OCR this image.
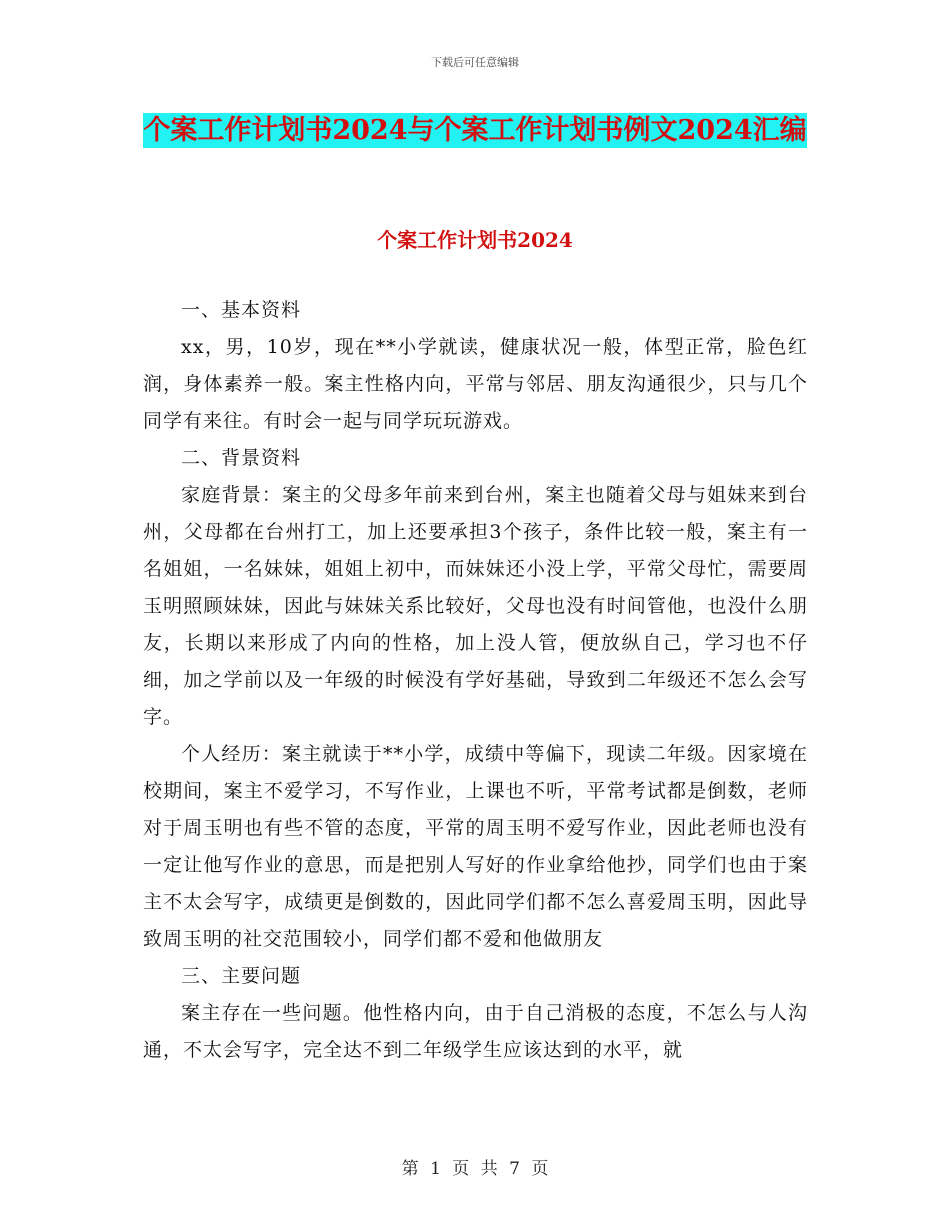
下载后可任意编辑
个案工作计划书2024与个案工作计划书例文2024汇编
个案工作计划书2024

一、基本资料

xx，男，10岁，现在**小学就读，健康状况一般，体型正常，脸色红润，身体素养一般。案主性格内向，平常与邻居、朋友沟通很少，只与几个同学有来往。有时会一起与同学玩玩游戏。

二、背景资料

家庭背景：案主的父母多年前来到台州，案主也随着父母与姐妹来到台州，父母都在台州打工，加上还要承担3个孩子，条件比较一般，案主有一名姐姐，一名妹妹，姐姐上初中，而妹妹还小没上学，平常父母忙，需要周玉明照顾妹妹，因此与妹妹关系比较好，父母也没有时间管他，也没什么朋友，长期以来形成了内向的性格，加上没人管，便放纵自己，学习也不仔细，加之学前以及一年级的时候没有学好基础，导致到二年级还不怎么会写字。

个人经历：案主就读于**小学，成绩中等偏下，现读二年级。因家境在校期间，案主不爱学习，不写作业，上课也不听，平常考试都是倒数，老师对于周玉明也有些不管的态度，平常的周玉明不爱写作业，因此老师也没有一定让他写作业的意思，而是把别人写好的作业拿给他抄，同学们也由于案主不太会写字，成绩更是倒数的，因此同学们都不怎么喜爱周玉明，因此导致周玉明的社交范围较小，同学们都不爱和他做朋友

三、主要问题

案主存在一些问题。他性格内向，由于自己消极的态度，不怎么与人沟通，不太会写字，完全达不到二年级学生应该达到的水平，就

第 1 页 共 7 页
